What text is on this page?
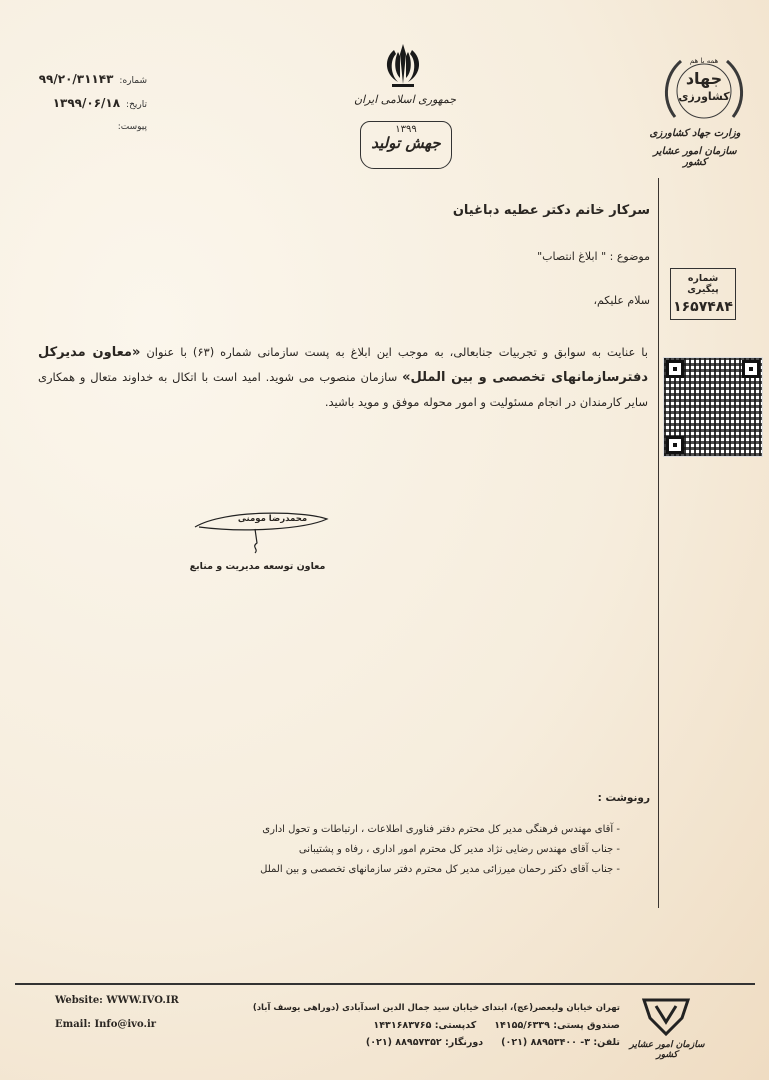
شماره:
۹۹/۲۰/۳۱۱۴۳
تاریخ:
۱۳۹۹/۰۶/۱۸
پیوست:
جمهوری اسلامی ایران
۱۳۹۹
جهش تولید
همه با هم
جهاد
کشاورزی
وزارت جهاد کشاورزی
سازمان امور عشایر کشور
شماره پیگیری
۱۶۵۷۴۸۴
سرکار خانم دکتر عطیه دباغیان
موضوع : " ابلاغ انتصاب"
سلام علیکم،
با عنایت به سوابق و تجربیات جنابعالی، به موجب این ابلاغ به پست سازمانی شماره (۶۳) با عنوان «معاون مدیرکل دفترسازمانهای تخصصی و بین الملل» سازمان منصوب می شوید. امید است با اتکال به خداوند متعال و همکاری سایر کارمندان در انجام مسئولیت و امور محوله موفق و موید باشید.
محمدرضا مومنی
معاون توسعه مدیریت و منابع
رونوشت :
- آقای مهندس فرهنگی مدیر کل محترم دفتر فناوری اطلاعات ، ارتباطات و تحول اداری
- جناب آقای مهندس رضایی نژاد مدیر کل محترم امور اداری ، رفاه و پشتیبانی
- جناب آقای دکتر رحمان میرزائی مدیر کل محترم دفتر سازمانهای تخصصی و بین الملل
سازمان امور عشایر کشور
تهران خیابان ولیعصر(عج)، ابتدای خیابان سید جمال الدین اسدآبادی (دوراهی یوسف آباد)
صندوق پستی: ۱۴۱۵۵/۶۳۳۹
کدپستی: ۱۴۳۱۶۸۳۷۶۵
تلفن: ۳- ۸۸۹۵۳۴۰۰ (۰۲۱)
دورنگار: ۸۸۹۵۷۳۵۲ (۰۲۱)
Website: WWW.IVO.IR
Email: Info@ivo.ir
